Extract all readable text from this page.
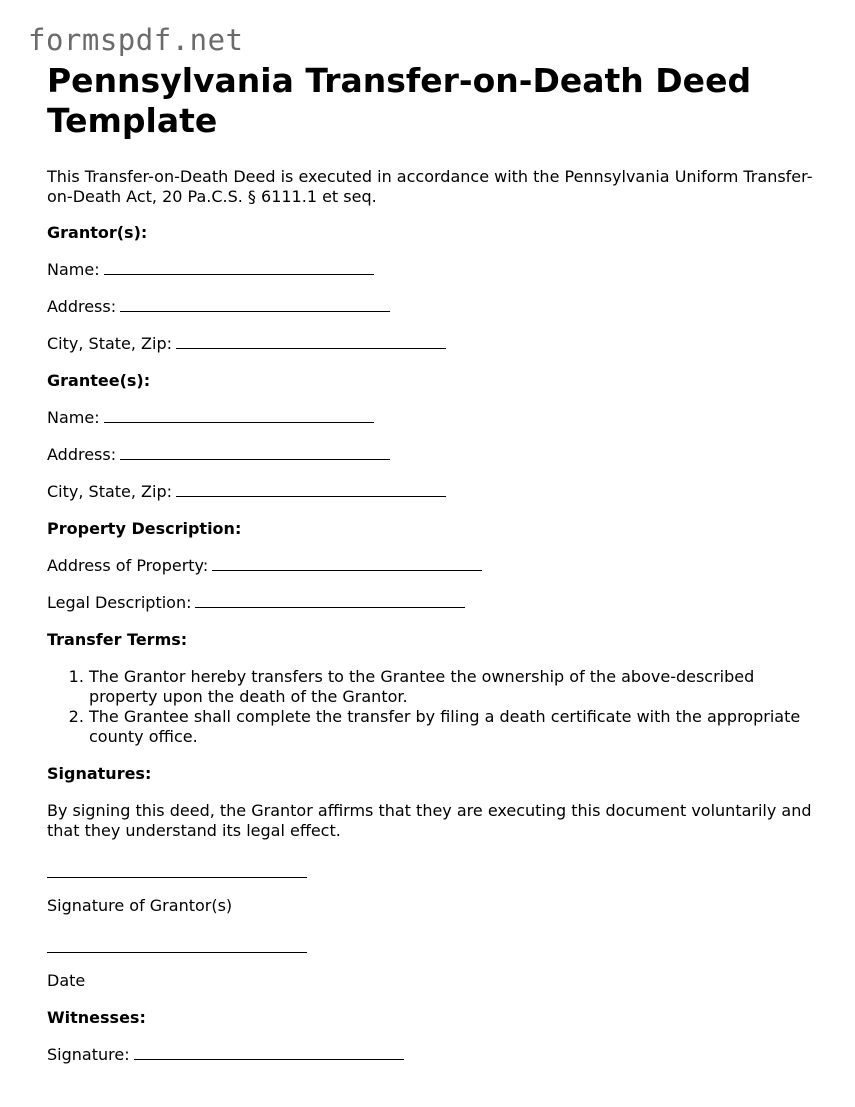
formspdf.net
Pennsylvania Transfer-on-Death Deed Template

This Transfer-on-Death Deed is executed in accordance with the Pennsylvania Uniform Transfer-on-Death Act, 20 Pa.C.S. § 6111.1 et seq.

Grantor(s):

Name:

Address:

City, State, Zip:

Grantee(s):

Name:

Address:

City, State, Zip:

Property Description:

Address of Property:

Legal Description:

Transfer Terms:

1. The Grantor hereby transfers to the Grantee the ownership of the above-described property upon the death of the Grantor.
2. The Grantee shall complete the transfer by filing a death certificate with the appropriate county office.

Signatures:

By signing this deed, the Grantor affirms that they are executing this document voluntarily and that they understand its legal effect.

Signature of Grantor(s)

Date

Witnesses:

Signature:
